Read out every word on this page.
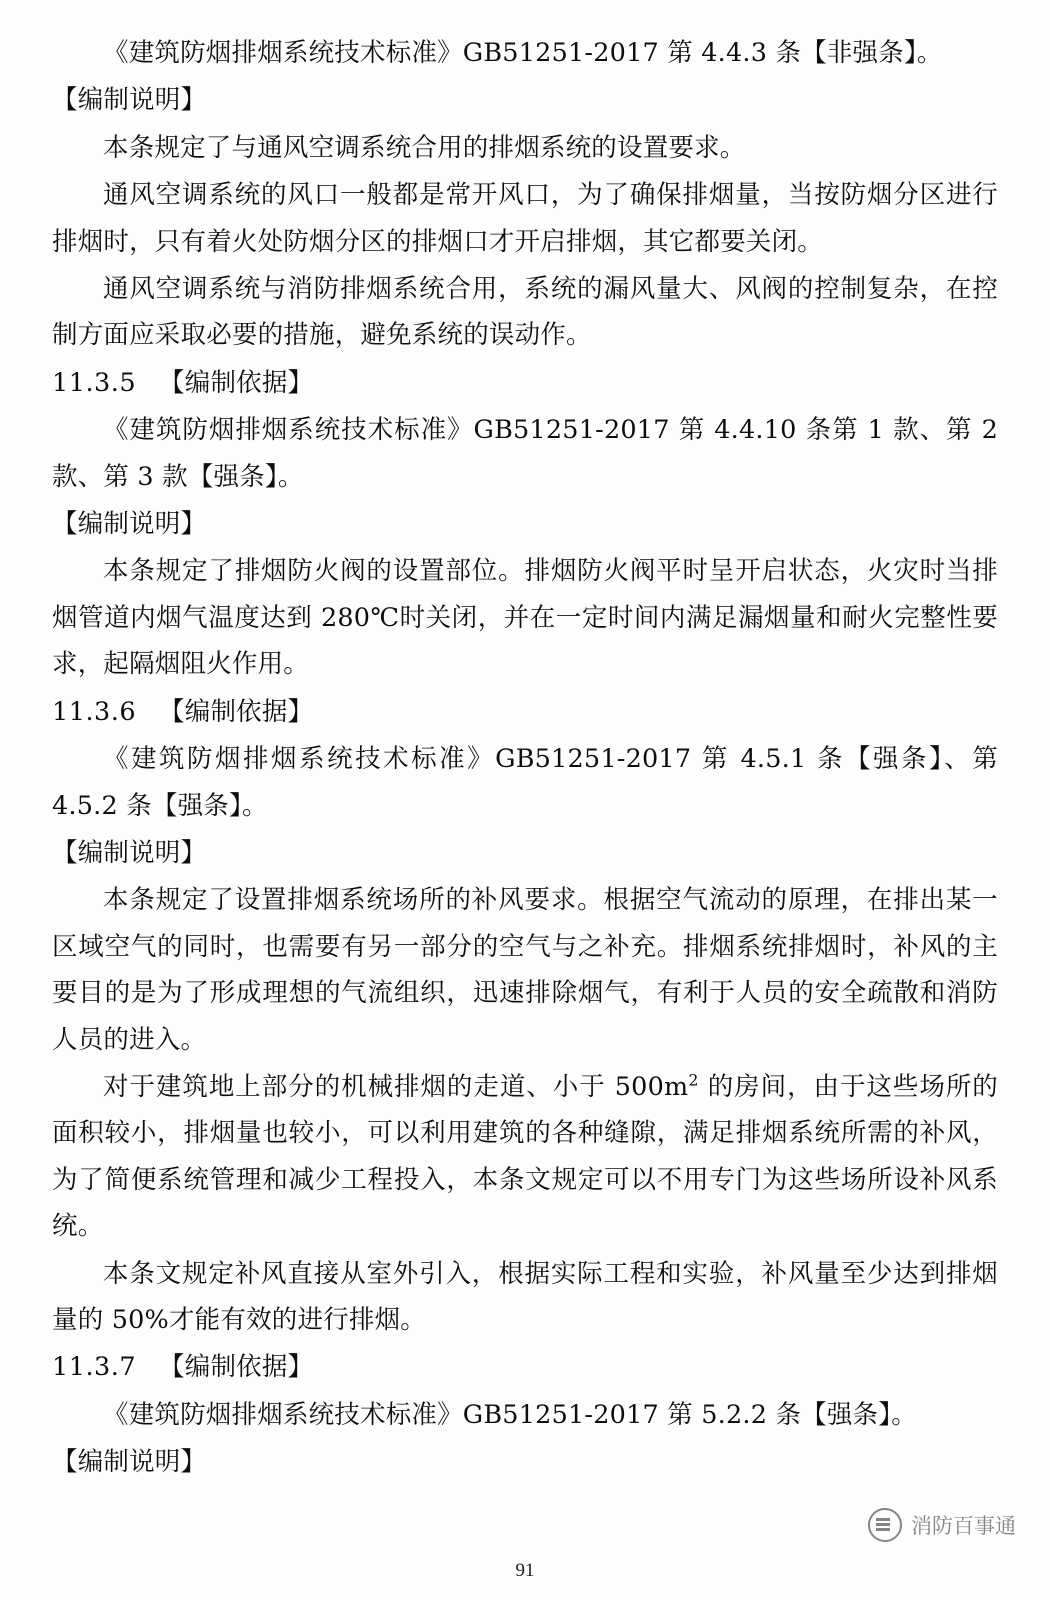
《建筑防烟排烟系统技术标准》GB51251-2017 第 4.4.3 条【非强条】。

【编制说明】

本条规定了与通风空调系统合用的排烟系统的设置要求。

通风空调系统的风口一般都是常开风口，为了确保排烟量，当按防烟分区进行排烟时，只有着火处防烟分区的排烟口才开启排烟，其它都要关闭。

通风空调系统与消防排烟系统合用，系统的漏风量大、风阀的控制复杂，在控制方面应采取必要的措施，避免系统的误动作。

11.3.5 【编制依据】

《建筑防烟排烟系统技术标准》GB51251-2017 第 4.4.10 条第 1 款、第 2 款、第 3 款【强条】。

【编制说明】

本条规定了排烟防火阀的设置部位。排烟防火阀平时呈开启状态，火灾时当排烟管道内烟气温度达到 280℃时关闭，并在一定时间内满足漏烟量和耐火完整性要求，起隔烟阻火作用。

11.3.6 【编制依据】

《建筑防烟排烟系统技术标准》GB51251-2017 第 4.5.1 条【强条】、第 4.5.2 条【强条】。

【编制说明】

本条规定了设置排烟系统场所的补风要求。根据空气流动的原理，在排出某一区域空气的同时，也需要有另一部分的空气与之补充。排烟系统排烟时，补风的主要目的是为了形成理想的气流组织，迅速排除烟气，有利于人员的安全疏散和消防人员的进入。

对于建筑地上部分的机械排烟的走道、小于 $500m^2$ 的房间，由于这些场所的面积较小，排烟量也较小，可以利用建筑的各种缝隙，满足排烟系统所需的补风，为了简便系统管理和减少工程投入，本条文规定可以不用专门为这些场所设补风系统。

本条文规定补风直接从室外引入，根据实际工程和实验，补风量至少达到排烟量的 50%才能有效的进行排烟。

11.3.7 【编制依据】

《建筑防烟排烟系统技术标准》GB51251-2017 第 5.2.2 条【强条】。

【编制说明】

消防百事通
91
